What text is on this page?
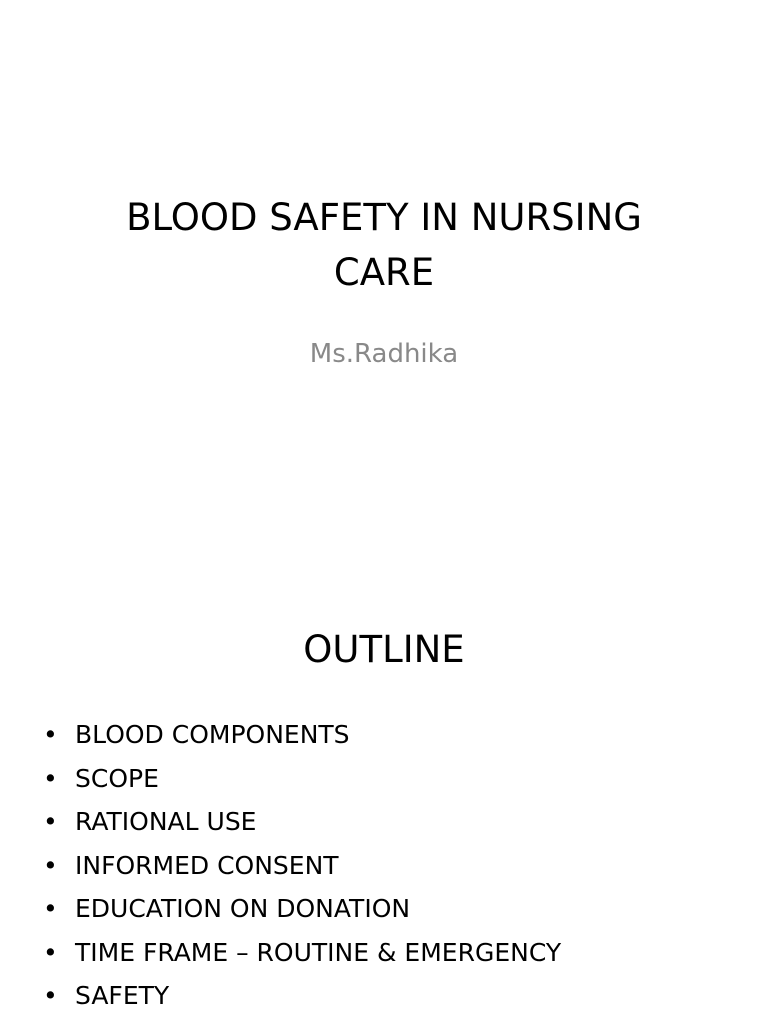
BLOOD SAFETY IN NURSING CARE

Ms.Radhika

OUTLINE
• BLOOD COMPONENTS
• SCOPE
• RATIONAL USE
• INFORMED CONSENT
• EDUCATION ON DONATION
• TIME FRAME – ROUTINE & EMERGENCY
• SAFETY
